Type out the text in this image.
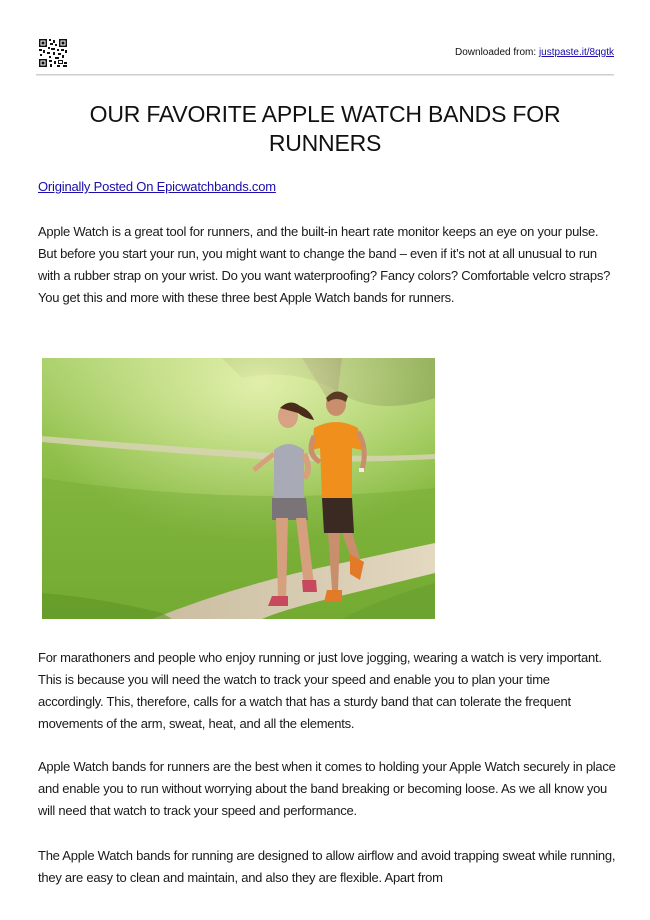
Downloaded from: justpaste.it/8qgtk
OUR FAVORITE APPLE WATCH BANDS FOR RUNNERS
Originally Posted On Epicwatchbands.com

Apple Watch is a great tool for runners, and the built-in heart rate monitor keeps an eye on your pulse. But before you start your run, you might want to change the band – even if it’s not at all unusual to run with a rubber strap on your wrist. Do you want waterproofing? Fancy colors? Comfortable velcro straps? You get this and more with these three best Apple Watch bands for runners.

For marathoners and people who enjoy running or just love jogging, wearing a watch is very important. This is because you will need the watch to track your speed and enable you to plan your time accordingly. This, therefore, calls for a watch that has a sturdy band that can tolerate the frequent movements of the arm, sweat, heat, and all the elements.

Apple Watch bands for runners are the best when it comes to holding your Apple Watch securely in place and enable you to run without worrying about the band breaking or becoming loose. As we all know you will need that watch to track your speed and performance.

The Apple Watch bands for running are designed to allow airflow and avoid trapping sweat while running, they are easy to clean and maintain, and also they are flexible. Apart from
